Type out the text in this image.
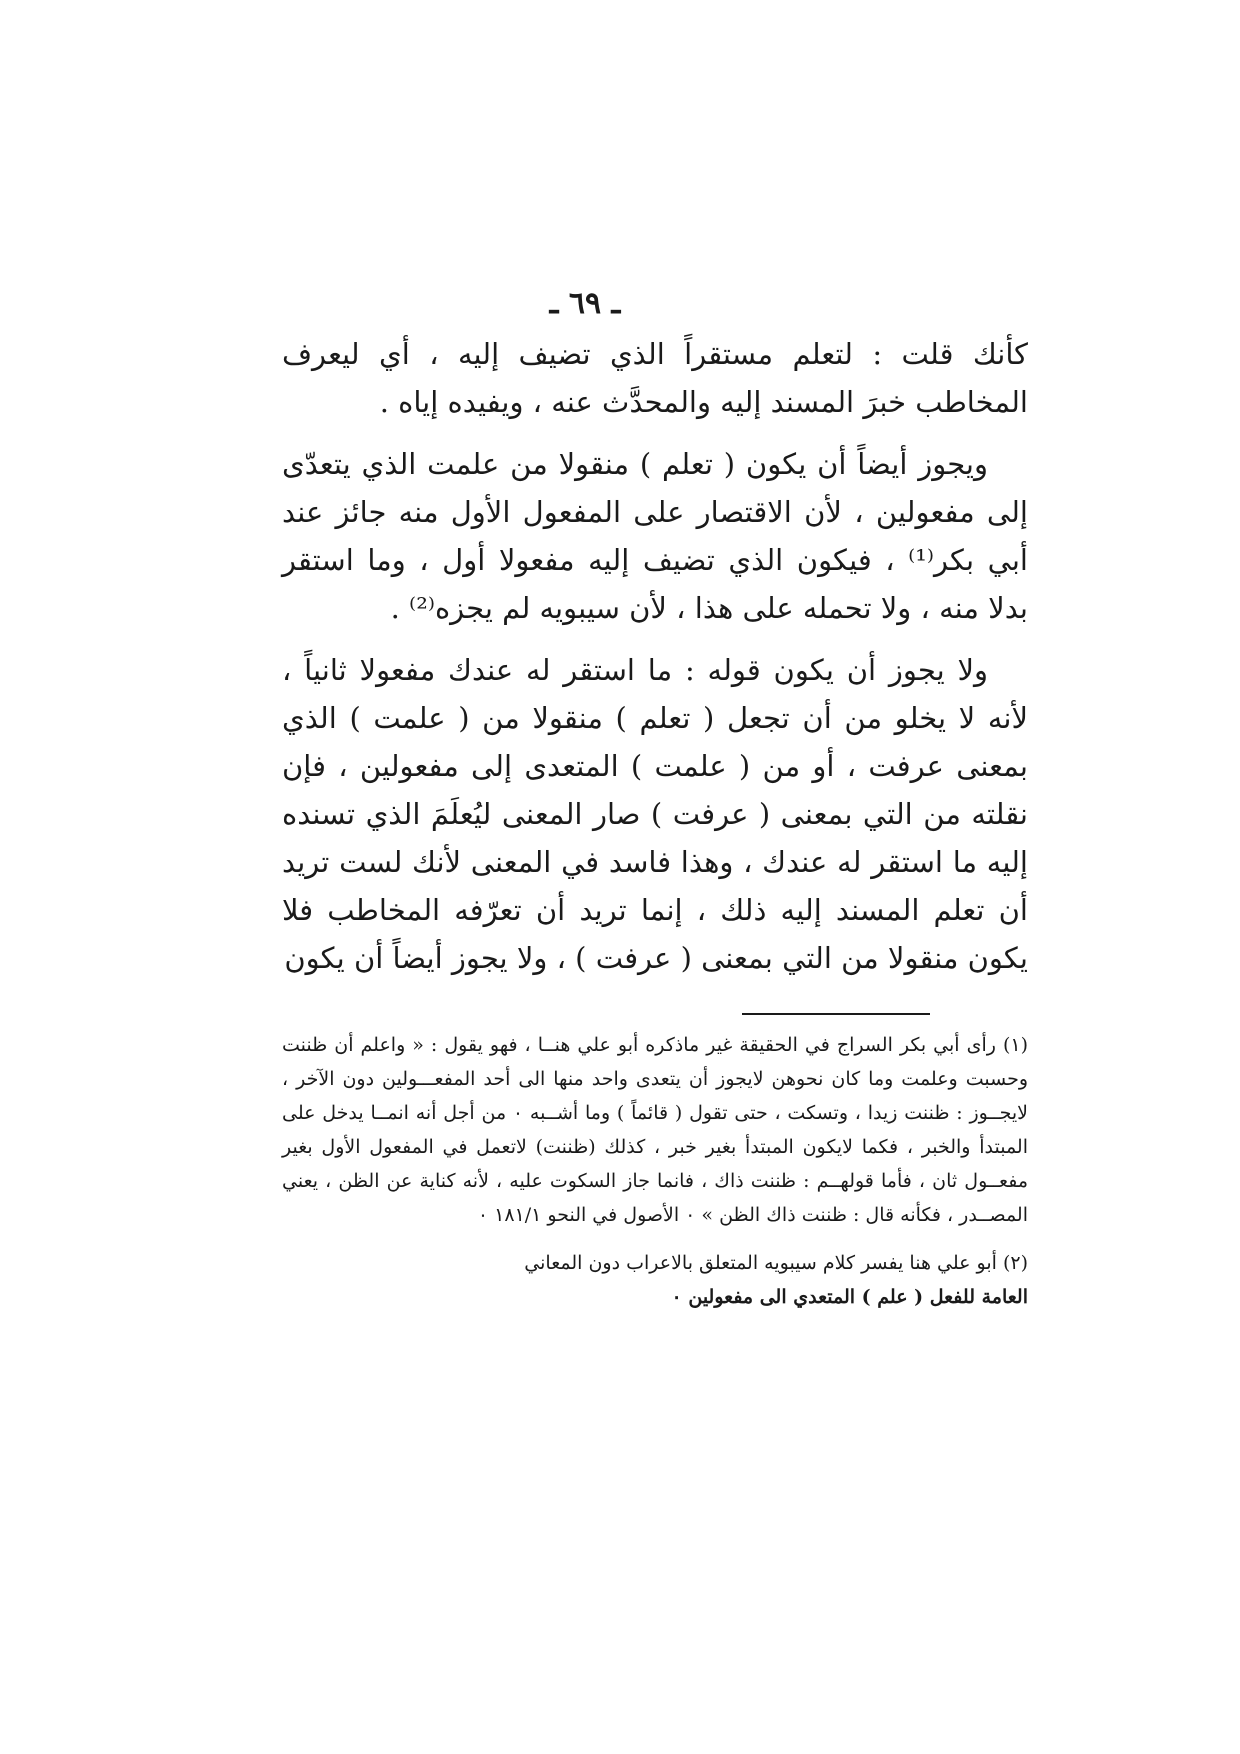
ـ ٦٩ ـ

كأنك قلت : لتعلم مستقراً الذي تضيف إليه ، أي ليعرف المخاطب خبرَ المسند إليه والمحدَّث عنه ، ويفيده إياه .

ويجوز أيضاً أن يكون ( تعلم ) منقولا من علمت الذي يتعدّى إلى مفعولين ، لأن الاقتصار على المفعول الأول منه جائز عند أبي بكر⁽¹⁾ ، فيكون الذي تضيف إليه مفعولا أول ، وما استقر بدلا منه ، ولا تحمله على هذا ، لأن سيبويه لم يجزه⁽²⁾ .

ولا يجوز أن يكون قوله : ما استقر له عندك مفعولا ثانياً ، لأنه لا يخلو من أن تجعل ( تعلم ) منقولا من ( علمت ) الذي بمعنى عرفت ، أو من ( علمت ) المتعدى إلى مفعولين ، فإن نقلته من التي بمعنى ( عرفت ) صار المعنى ليُعلَمَ الذي تسنده إليه ما استقر له عندك ، وهذا فاسد في المعنى لأنك لست تريد أن تعلم المسند إليه ذلك ، إنما تريد أن تعرّفه المخاطب فلا يكون منقولا من التي بمعنى ( عرفت ) ، ولا يجوز أيضاً أن يكون

(١) رأى أبي بكر السراج في الحقيقة غير ماذكره أبو علي هنــا ، فهو يقول : « واعلم أن ظننت وحسبت وعلمت وما كان نحوهن لايجوز أن يتعدى واحد منها الى أحد المفعـــولين دون الآخر ، لايجــوز : ظننت زيدا ، وتسكت ، حتى تقول ( قائماً ) وما أشــبه ٠ من أجل أنه انمــا يدخل على المبتدأ والخبر ، فكما لايكون المبتدأ بغير خبر ، كذلك (ظننت) لاتعمل في المفعول الأول بغير مفعــول ثان ، فأما قولهــم : ظننت ذاك ، فانما جاز السكوت عليه ، لأنه كناية عن الظن ، يعني المصــدر ، فكأنه قال : ظننت ذاك الظن » ٠ الأصول في النحو ١٨١/١ ٠

(٢) أبو علي هنا يفسر كلام سيبويه المتعلق بالاعراب دون المعاني
العامة للفعل ( علم ) المتعدي الى مفعولين ٠
